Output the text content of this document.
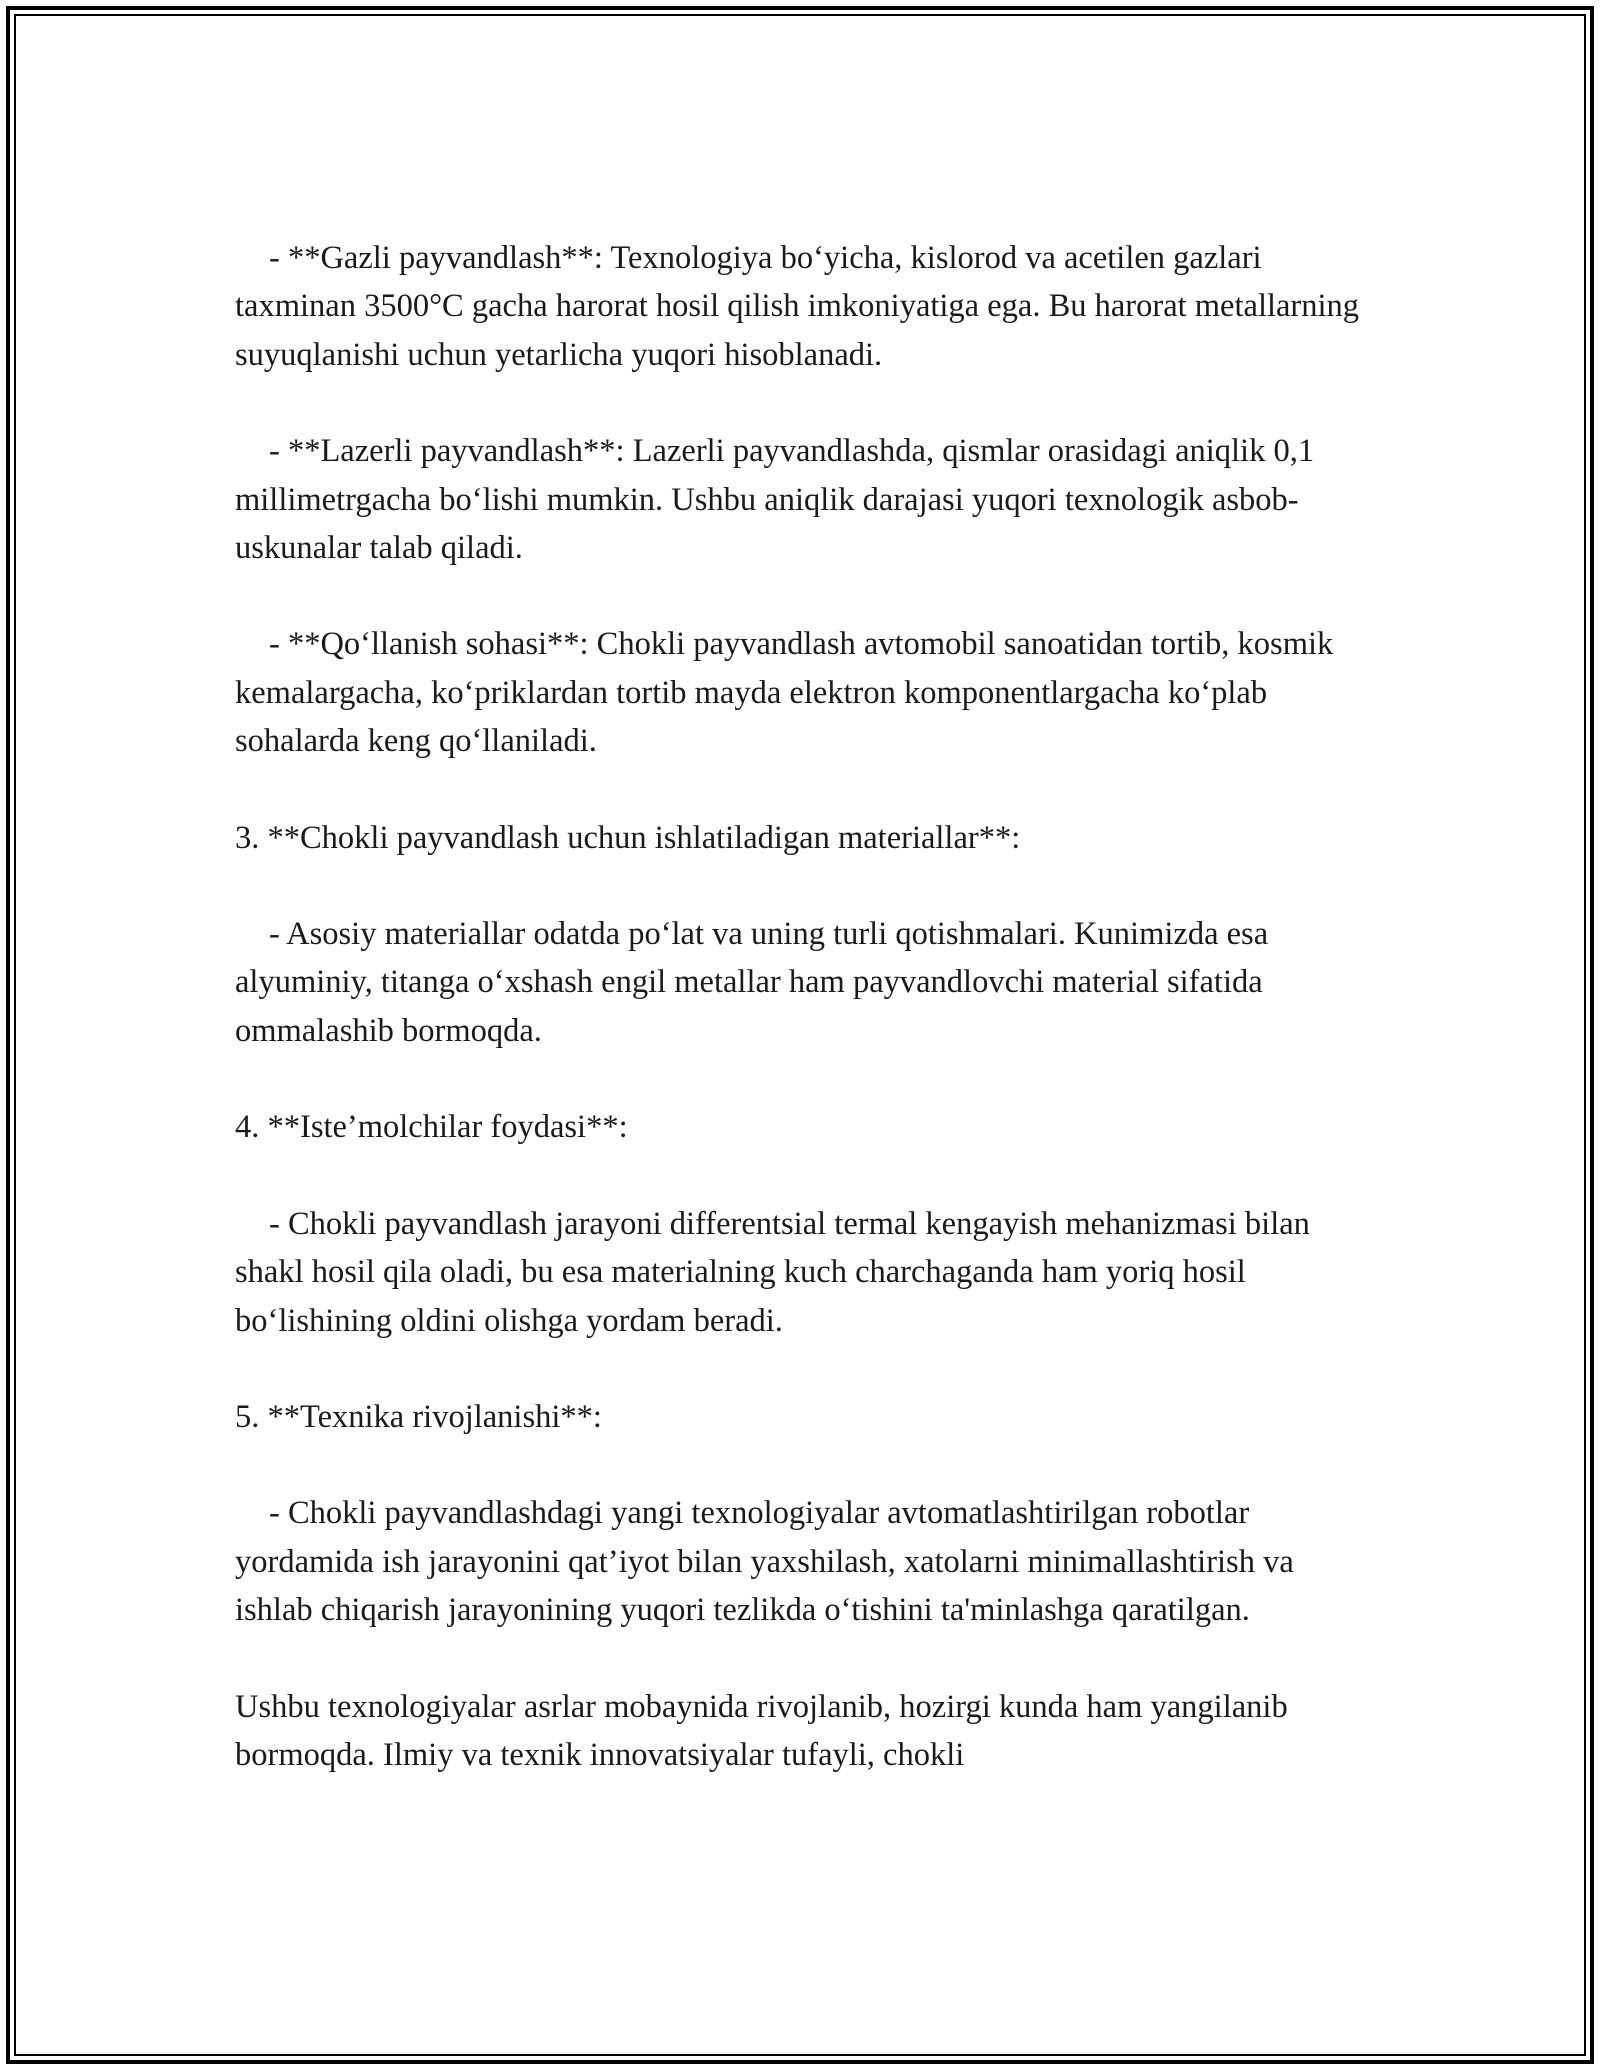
- **Gazli payvandlash**: Texnologiya bo‘yicha, kislorod va acetilen gazlari taxminan 3500°C gacha harorat hosil qilish imkoniyatiga ega. Bu harorat metallarning suyuqlanishi uchun yetarlicha yuqori hisoblanadi.

- **Lazerli payvandlash**: Lazerli payvandlashda, qismlar orasidagi aniqlik 0,1 millimetrgacha bo‘lishi mumkin. Ushbu aniqlik darajasi yuqori texnologik asbob-uskunalar talab qiladi.

- **Qo‘llanish sohasi**: Chokli payvandlash avtomobil sanoatidan tortib, kosmik kemalargacha, ko‘priklardan tortib mayda elektron komponentlargacha ko‘plab sohalarda keng qo‘llaniladi.

3. **Chokli payvandlash uchun ishlatiladigan materiallar**:

- Asosiy materiallar odatda po‘lat va uning turli qotishmalari. Kunimizda esa alyuminiy, titanga o‘xshash engil metallar ham payvandlovchi material sifatida ommalashib bormoqda.

4. **Iste’molchilar foydasi**:

- Chokli payvandlash jarayoni differentsial termal kengayish mehanizmasi bilan shakl hosil qila oladi, bu esa materialning kuch charchaganda ham yoriq hosil bo‘lishining oldini olishga yordam beradi.

5. **Texnika rivojlanishi**:

- Chokli payvandlashdagi yangi texnologiyalar avtomatlashtirilgan robotlar yordamida ish jarayonini qat’iyot bilan yaxshilash, xatolarni minimallashtirish va ishlab chiqarish jarayonining yuqori tezlikda o‘tishini ta'minlashga qaratilgan.

Ushbu texnologiyalar asrlar mobaynida rivojlanib, hozirgi kunda ham yangilanib bormoqda. Ilmiy va texnik innovatsiyalar tufayli, chokli
